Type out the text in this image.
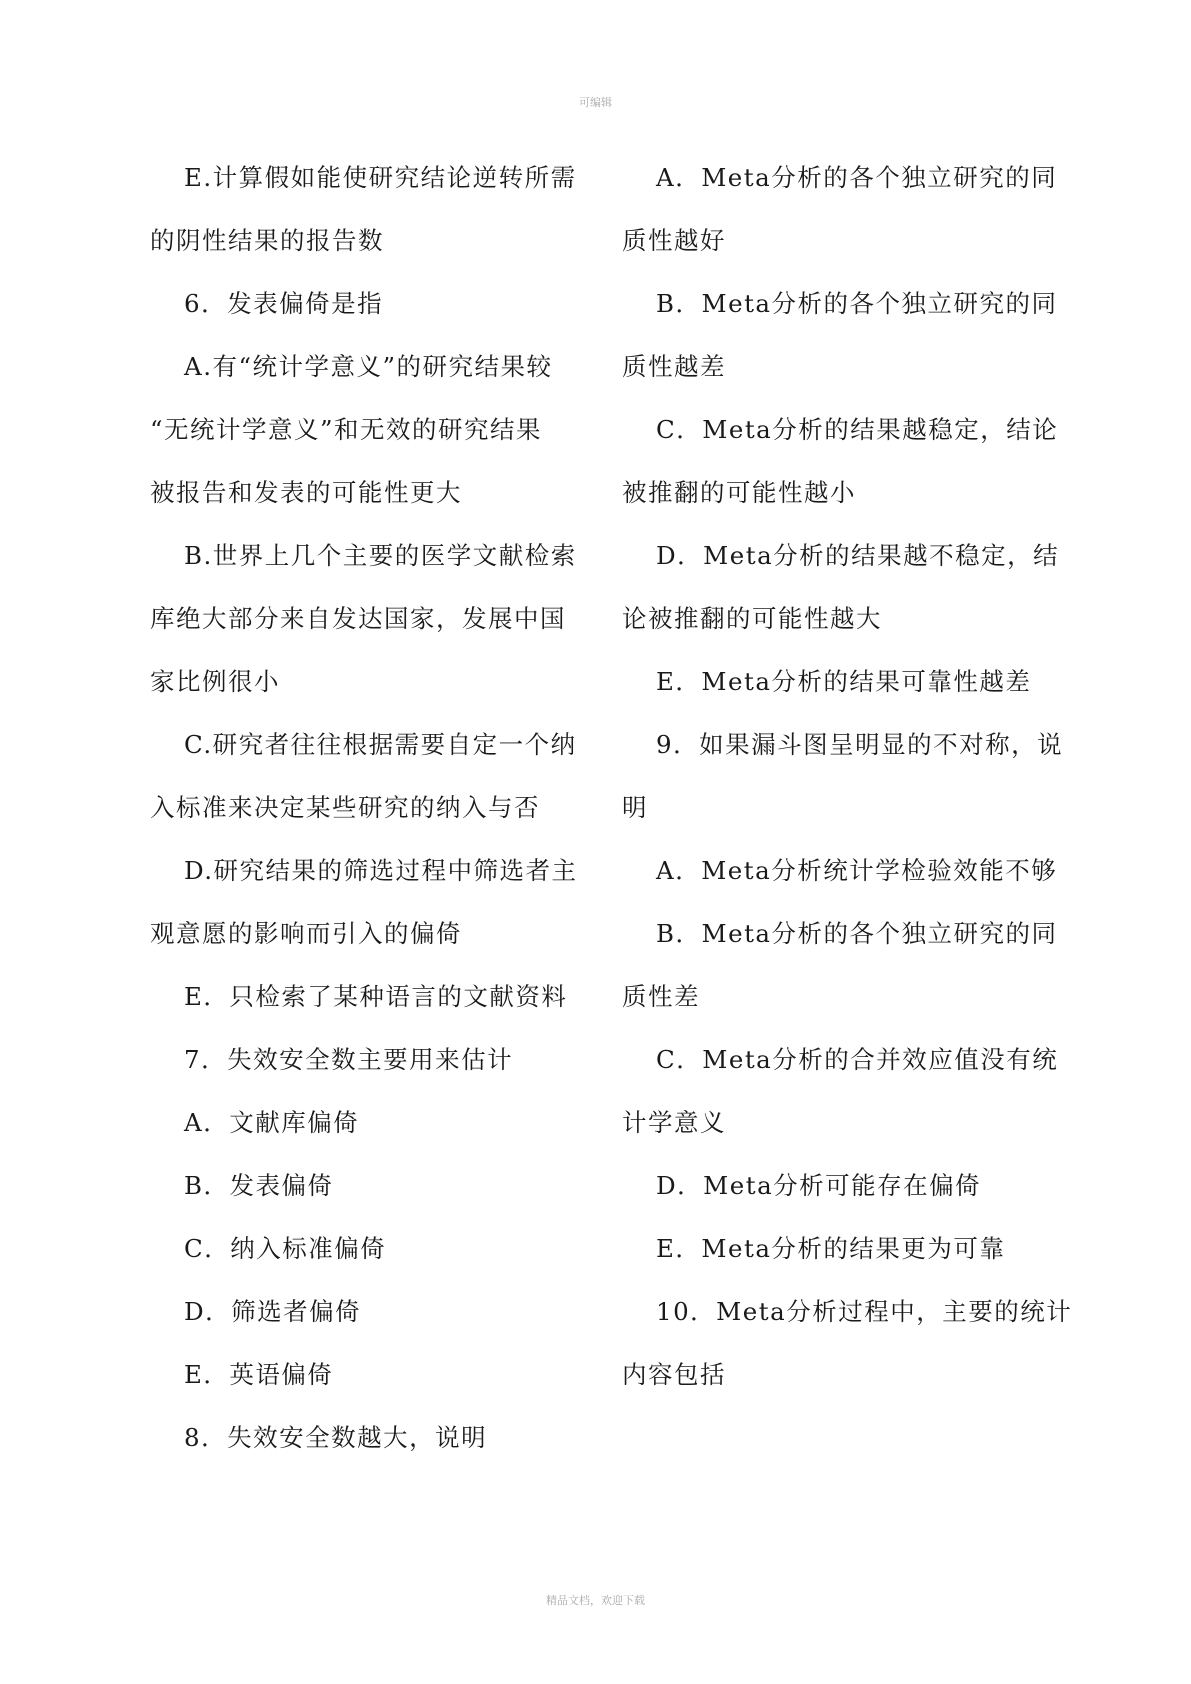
可编辑
E.计算假如能使研究结论逆转所需
的阴性结果的报告数
6．发表偏倚是指
A.有“统计学意义”的研究结果较
“无统计学意义”和无效的研究结果
被报告和发表的可能性更大
B.世界上几个主要的医学文献检索
库绝大部分来自发达国家，发展中国
家比例很小
C.研究者往往根据需要自定一个纳
入标准来决定某些研究的纳入与否
D.研究结果的筛选过程中筛选者主
观意愿的影响而引入的偏倚
E．只检索了某种语言的文献资料
7．失效安全数主要用来估计
A．文献库偏倚
B．发表偏倚
C．纳入标准偏倚
D．筛选者偏倚
E．英语偏倚
8．失效安全数越大，说明
A．Meta分析的各个独立研究的同
质性越好
B．Meta分析的各个独立研究的同
质性越差
C．Meta分析的结果越稳定，结论
被推翻的可能性越小
D．Meta分析的结果越不稳定，结
论被推翻的可能性越大
E．Meta分析的结果可靠性越差
9．如果漏斗图呈明显的不对称，说
明
A．Meta分析统计学检验效能不够
B．Meta分析的各个独立研究的同
质性差
C．Meta分析的合并效应值没有统
计学意义
D．Meta分析可能存在偏倚
E．Meta分析的结果更为可靠
10．Meta分析过程中，主要的统计
内容包括
精品文档，欢迎下载
